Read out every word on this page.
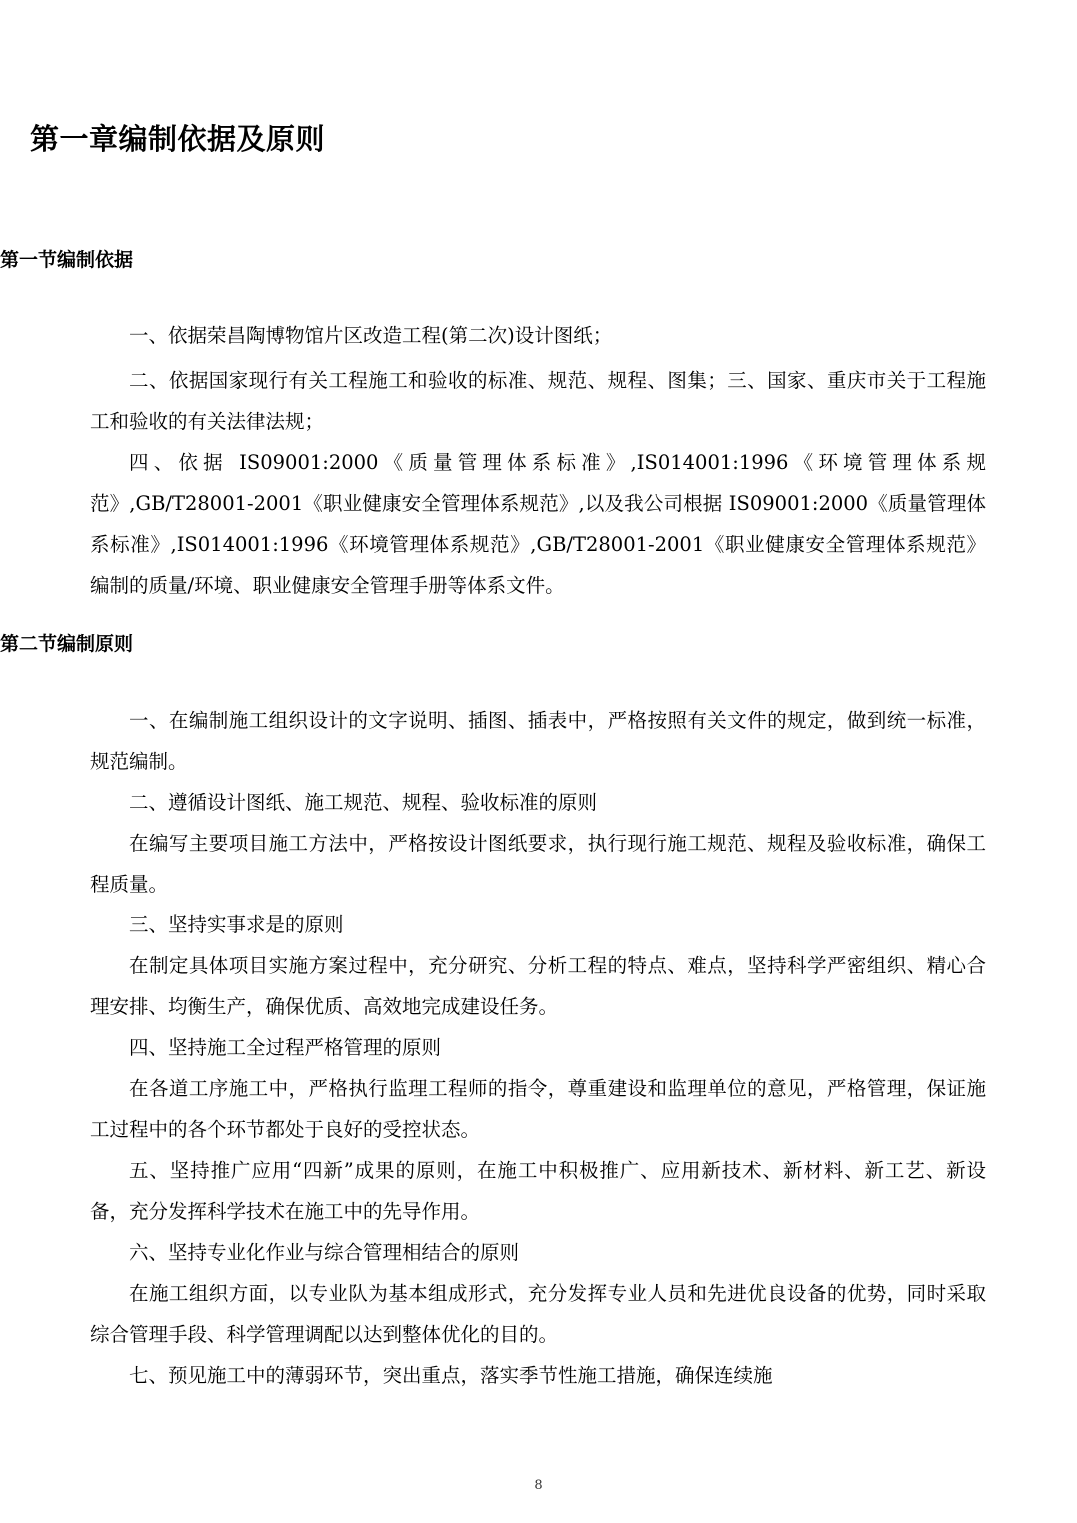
第一章编制依据及原则
第一节编制依据

一、依据荣昌陶博物馆片区改造工程(第二次)设计图纸；

二、依据国家现行有关工程施工和验收的标准、规范、规程、图集；三、国家、重庆市关于工程施工和验收的有关法律法规；

四、依据 IS09001:2000《质量管理体系标准》,IS014001:1996《环境管理体系规范》,GB/T28001-2001《职业健康安全管理体系规范》,以及我公司根据 IS09001:2000《质量管理体系标准》,IS014001:1996《环境管理体系规范》,GB/T28001-2001《职业健康安全管理体系规范》编制的质量/环境、职业健康安全管理手册等体系文件。

第二节编制原则

一、在编制施工组织设计的文字说明、插图、插表中，严格按照有关文件的规定，做到统一标准，规范编制。

二、遵循设计图纸、施工规范、规程、验收标准的原则

在编写主要项目施工方法中，严格按设计图纸要求，执行现行施工规范、规程及验收标准，确保工程质量。

三、坚持实事求是的原则

在制定具体项目实施方案过程中，充分研究、分析工程的特点、难点，坚持科学严密组织、精心合理安排、均衡生产，确保优质、高效地完成建设任务。

四、坚持施工全过程严格管理的原则

在各道工序施工中，严格执行监理工程师的指令，尊重建设和监理单位的意见，严格管理，保证施工过程中的各个环节都处于良好的受控状态。

五、坚持推广应用“四新”成果的原则，在施工中积极推广、应用新技术、新材料、新工艺、新设备，充分发挥科学技术在施工中的先导作用。

六、坚持专业化作业与综合管理相结合的原则

在施工组织方面，以专业队为基本组成形式，充分发挥专业人员和先进优良设备的优势，同时采取综合管理手段、科学管理调配以达到整体优化的目的。

七、预见施工中的薄弱环节，突出重点，落实季节性施工措施，确保连续施

8
